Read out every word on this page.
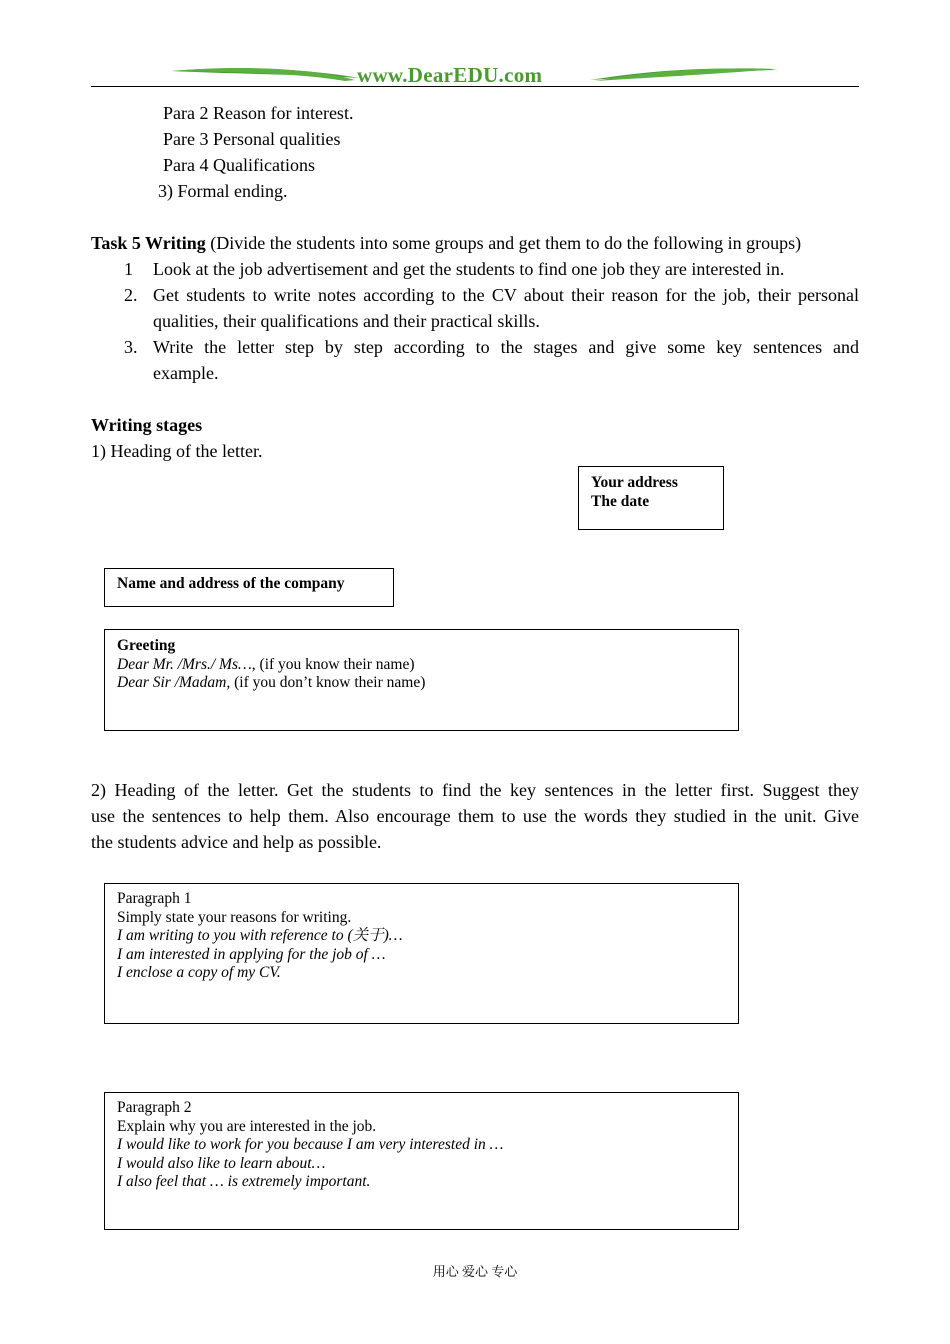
www.DearEDU.com
Para 2 Reason for interest.
Pare 3 Personal qualities
Para 4 Qualifications
3) Formal ending.
Task 5 Writing (Divide the students into some groups and get them to do the following in groups)
1 Look at the job advertisement and get the students to find one job they are interested in.
2. Get students to write notes according to the CV about their reason for the job, their personal
qualities, their qualifications and their practical skills.
3. Write the letter step by step according to the stages and give some key sentences and
example.
Writing stages
1) Heading of the letter.
Your address
The date
Name and address of the company
Greeting
Dear Mr. /Mrs./ Ms…, (if you know their name)
Dear Sir /Madam, (if you don’t know their name)
2) Heading of the letter. Get the students to find the key sentences in the letter first. Suggest they
use the sentences to help them. Also encourage them to use the words they studied in the unit. Give
the students advice and help as possible.
Paragraph 1
Simply state your reasons for writing.
I am writing to you with reference to (关于)…
I am interested in applying for the job of …
I enclose a copy of my CV.
Paragraph 2
Explain why you are interested in the job.
I would like to work for you because I am very interested in …
I would also like to learn about…
I also feel that … is extremely important.
用心 爱心 专心
